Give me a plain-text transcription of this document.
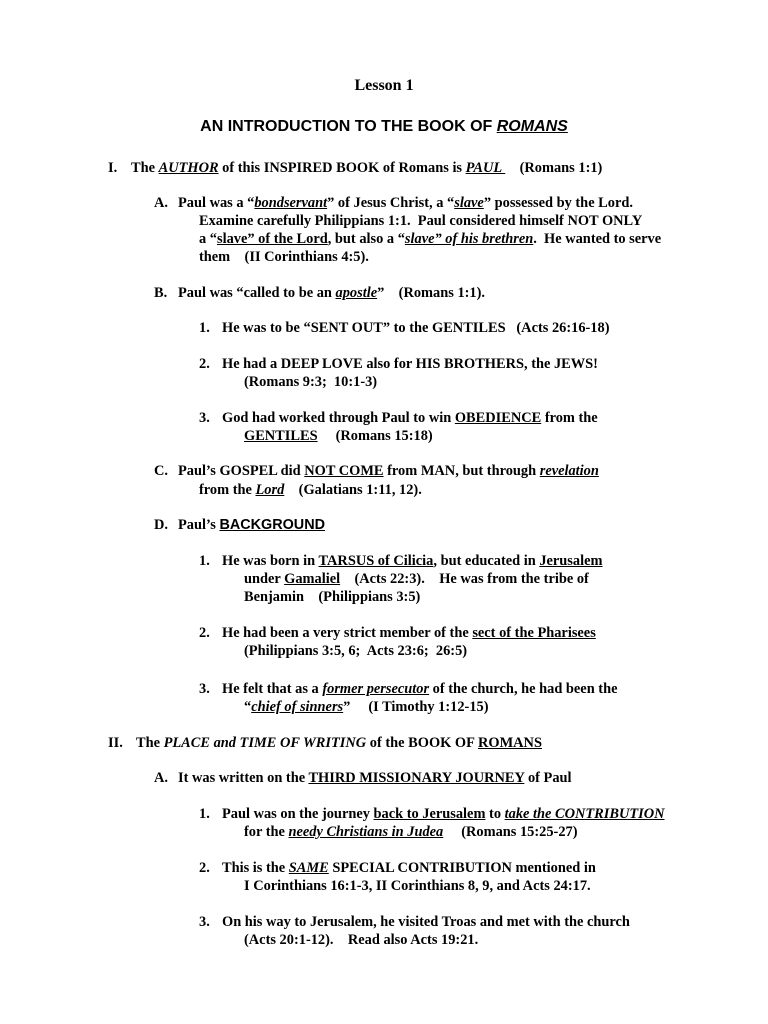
Lesson 1
AN INTRODUCTION TO THE BOOK OF ROMANS
I. The AUTHOR of this INSPIRED BOOK of Romans is PAUL     (Romans 1:1)
A. Paul was a “bondservant” of Jesus Christ, a “slave” possessed by the Lord.
Examine carefully Philippians 1:1.  Paul considered himself NOT ONLY
a “slave” of the Lord, but also a “slave” of his brethren.  He wanted to serve
them    (II Corinthians 4:5).
B. Paul was “called to be an apostle”    (Romans 1:1).
1. He was to be “SENT OUT” to the GENTILES   (Acts 26:16-18)
2. He had a DEEP LOVE also for HIS BROTHERS, the JEWS!
(Romans 9:3;  10:1-3)
3. God had worked through Paul to win OBEDIENCE from the
GENTILES     (Romans 15:18)
C. Paul’s GOSPEL did NOT COME from MAN, but through revelation
from the Lord    (Galatians 1:11, 12).
D. Paul’s BACKGROUND
1. He was born in TARSUS of Cilicia, but educated in Jerusalem
under Gamaliel    (Acts 22:3).    He was from the tribe of
Benjamin    (Philippians 3:5)
2. He had been a very strict member of the sect of the Pharisees
(Philippians 3:5, 6;  Acts 23:6;  26:5)
3. He felt that as a former persecutor of the church, he had been the
“chief of sinners”     (I Timothy 1:12-15)
II. The PLACE and TIME OF WRITING of the BOOK OF ROMANS
A. It was written on the THIRD MISSIONARY JOURNEY of Paul
1. Paul was on the journey back to Jerusalem to take the CONTRIBUTION
for the needy Christians in Judea     (Romans 15:25-27)
2. This is the SAME SPECIAL CONTRIBUTION mentioned in
I Corinthians 16:1-3, II Corinthians 8, 9, and Acts 24:17.
3. On his way to Jerusalem, he visited Troas and met with the church
(Acts 20:1-12).    Read also Acts 19:21.
